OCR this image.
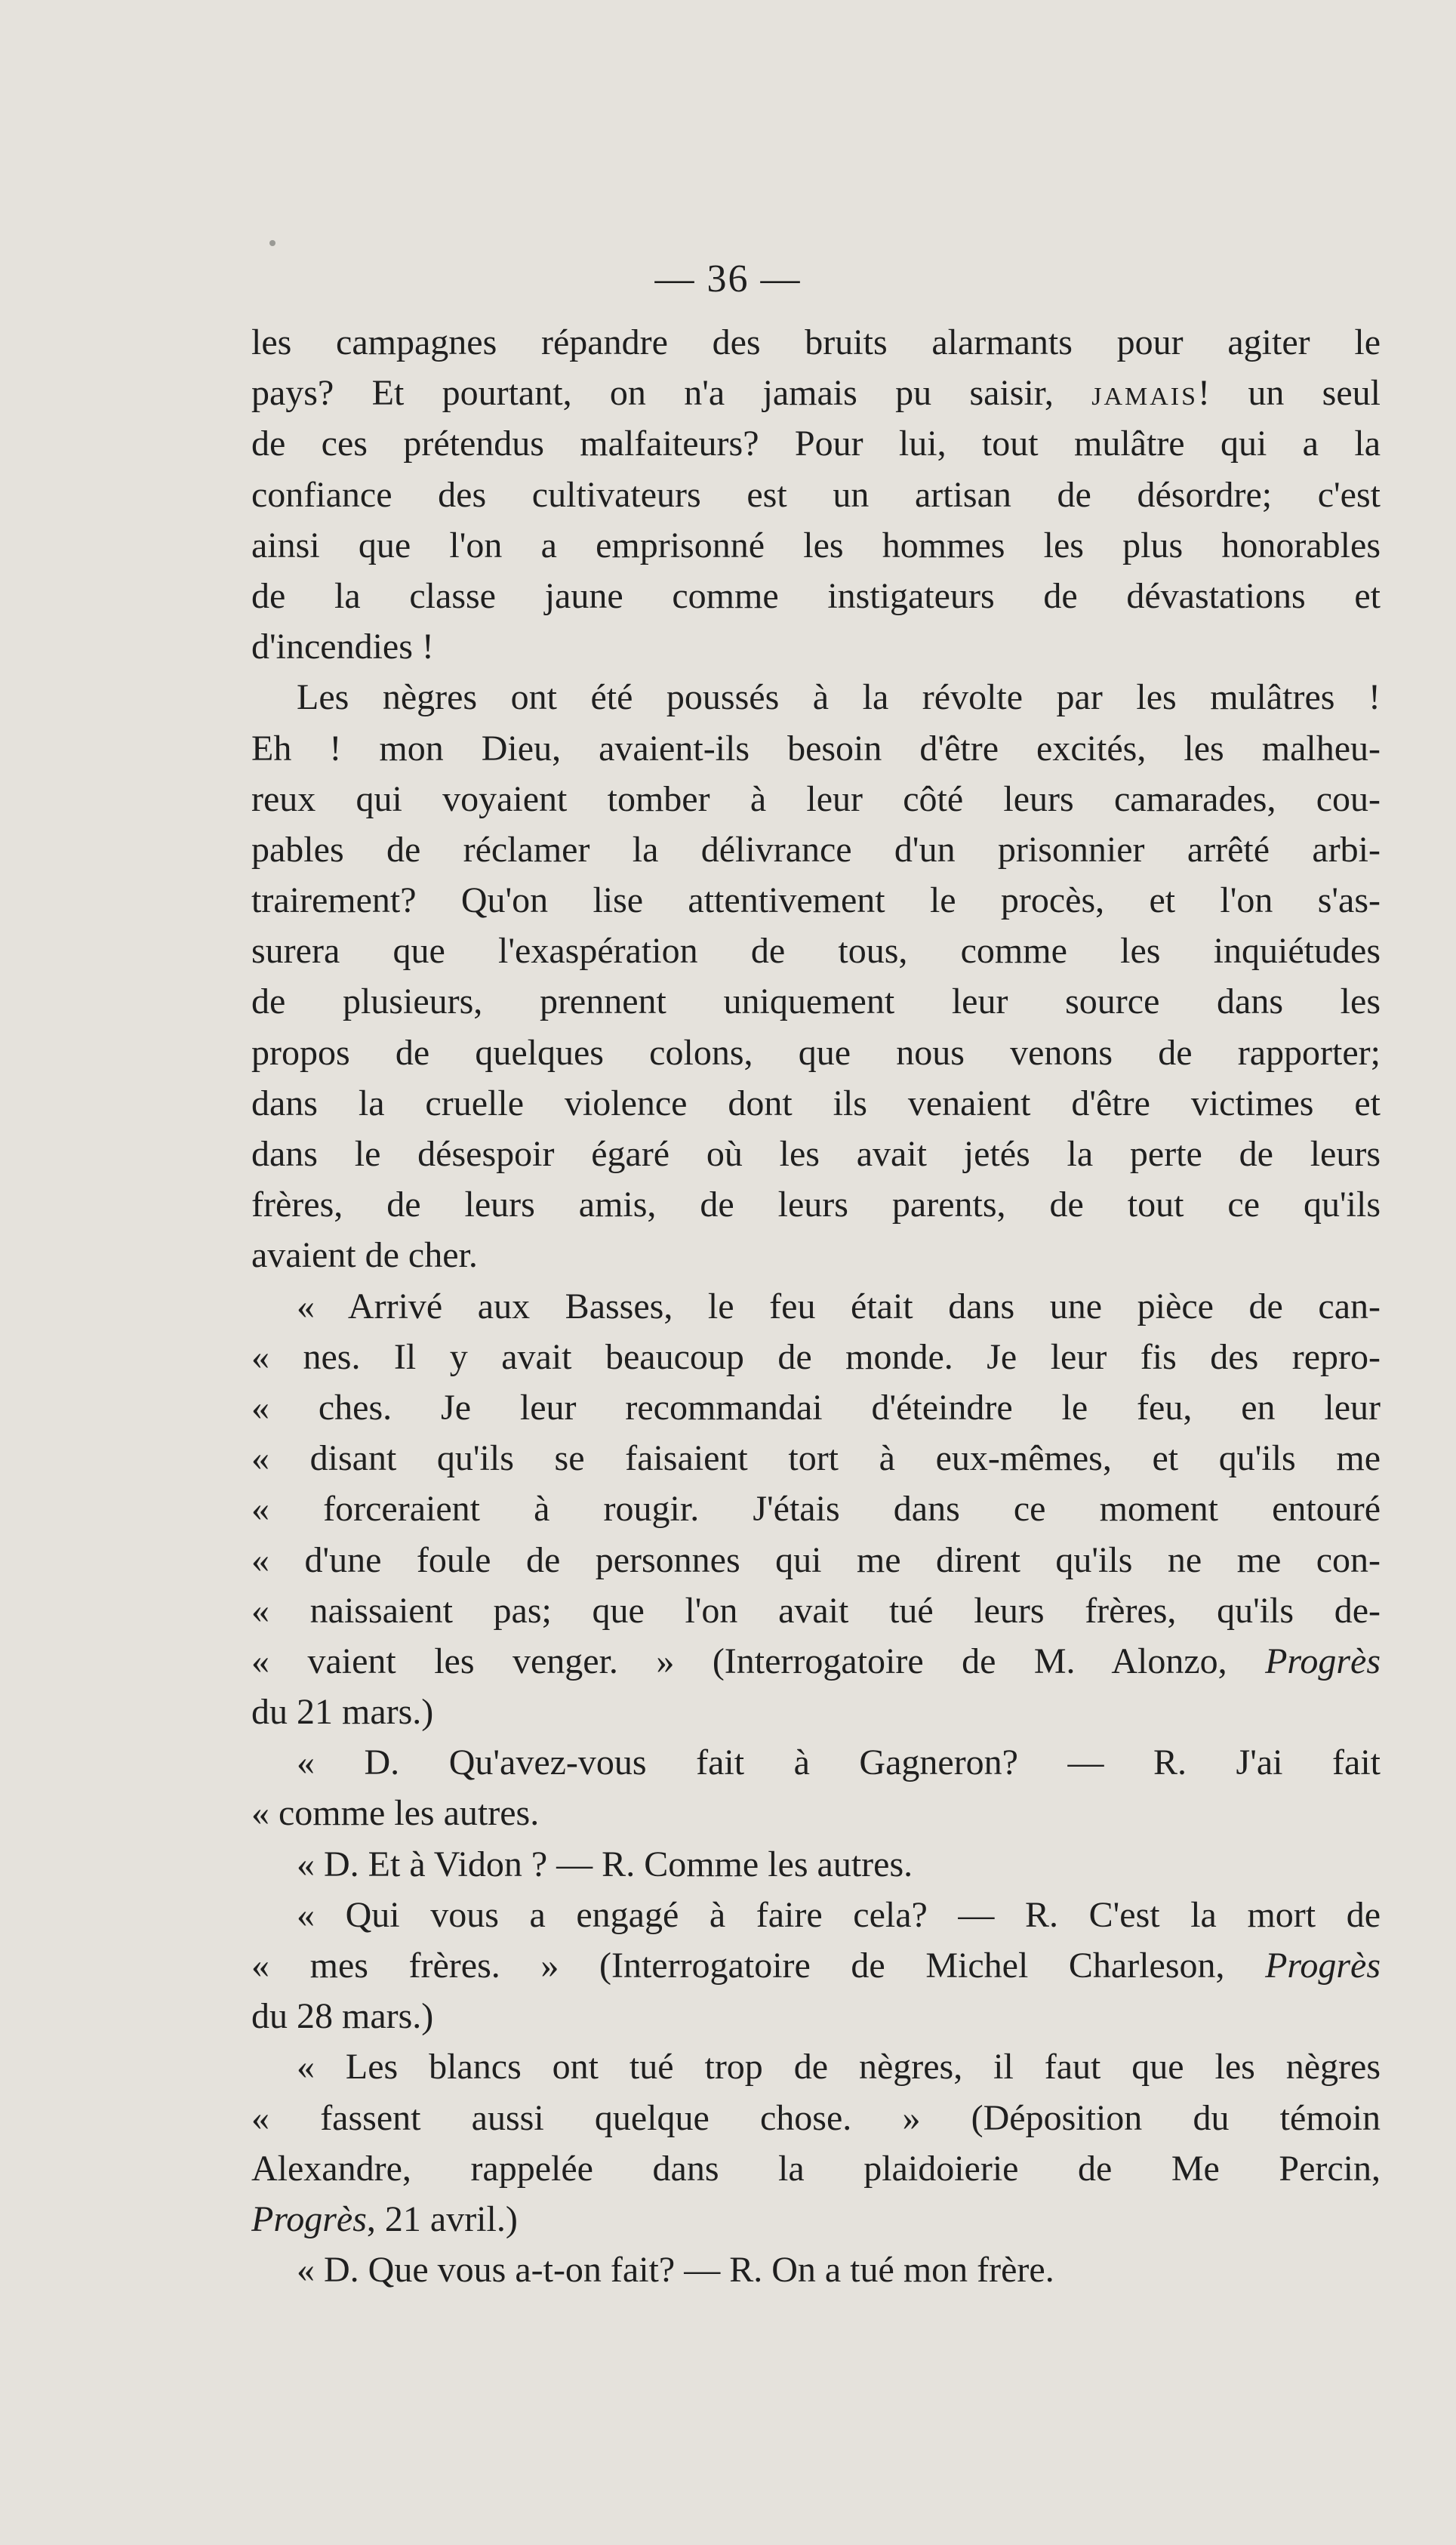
— 36 —
les campagnes répandre des bruits alarmants pour agiter le
pays? Et pourtant, on n'a jamais pu saisir, JAMAIS! un seul
de ces prétendus malfaiteurs? Pour lui, tout mulâtre qui a la
confiance des cultivateurs est un artisan de désordre; c'est
ainsi que l'on a emprisonné les hommes les plus honorables
de la classe jaune comme instigateurs de dévastations et
d'incendies !
Les nègres ont été poussés à la révolte par les mulâtres !
Eh ! mon Dieu, avaient-ils besoin d'être excités, les malheu-
reux qui voyaient tomber à leur côté leurs camarades, cou-
pables de réclamer la délivrance d'un prisonnier arrêté arbi-
trairement? Qu'on lise attentivement le procès, et l'on s'as-
surera que l'exaspération de tous, comme les inquiétudes
de plusieurs, prennent uniquement leur source dans les
propos de quelques colons, que nous venons de rapporter;
dans la cruelle violence dont ils venaient d'être victimes et
dans le désespoir égaré où les avait jetés la perte de leurs
frères, de leurs amis, de leurs parents, de tout ce qu'ils
avaient de cher.
« Arrivé aux Basses, le feu était dans une pièce de can-
« nes. Il y avait beaucoup de monde. Je leur fis des repro-
« ches. Je leur recommandai d'éteindre le feu, en leur
« disant qu'ils se faisaient tort à eux-mêmes, et qu'ils me
« forceraient à rougir. J'étais dans ce moment entouré
« d'une foule de personnes qui me dirent qu'ils ne me con-
« naissaient pas; que l'on avait tué leurs frères, qu'ils de-
« vaient les venger. » (Interrogatoire de M. Alonzo, Progrès
du 21 mars.)
« D. Qu'avez-vous fait à Gagneron? — R. J'ai fait
« comme les autres.
« D. Et à Vidon ? — R. Comme les autres.
« Qui vous a engagé à faire cela? — R. C'est la mort de
« mes frères. » (Interrogatoire de Michel Charleson, Progrès
du 28 mars.)
« Les blancs ont tué trop de nègres, il faut que les nègres
« fassent aussi quelque chose. » (Déposition du témoin
Alexandre, rappelée dans la plaidoierie de Me Percin,
Progrès, 21 avril.)
« D. Que vous a-t-on fait? — R. On a tué mon frère.
